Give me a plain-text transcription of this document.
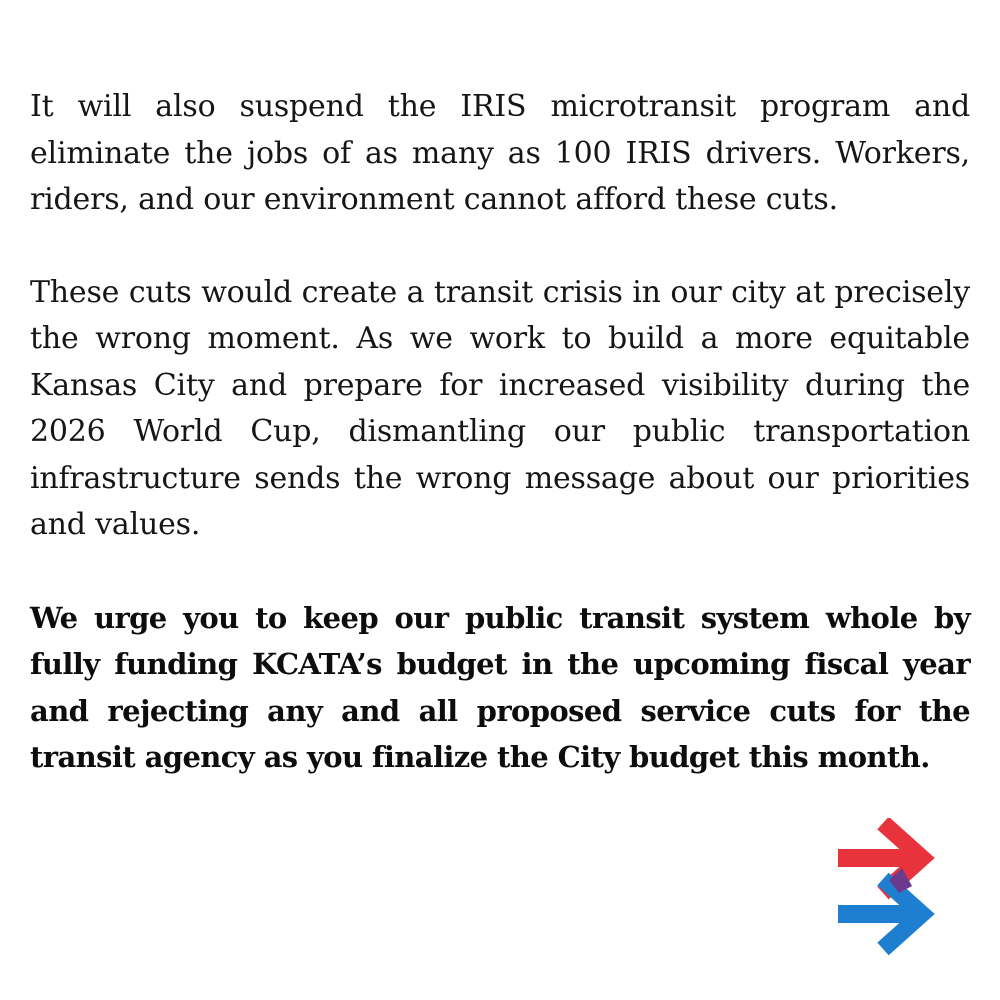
It will also suspend the IRIS microtransit program and eliminate the jobs of as many as 100 IRIS drivers. Workers, riders, and our environment cannot afford these cuts.

These cuts would create a transit crisis in our city at precisely the wrong moment. As we work to build a more equitable Kansas City and prepare for increased visibility during the 2026 World Cup, dismantling our public transportation infrastructure sends the wrong message about our priorities and values.

We urge you to keep our public transit system whole by fully funding KCATA’s budget in the upcoming fiscal year and rejecting any and all proposed service cuts for the transit agency as you finalize the City budget this month.
